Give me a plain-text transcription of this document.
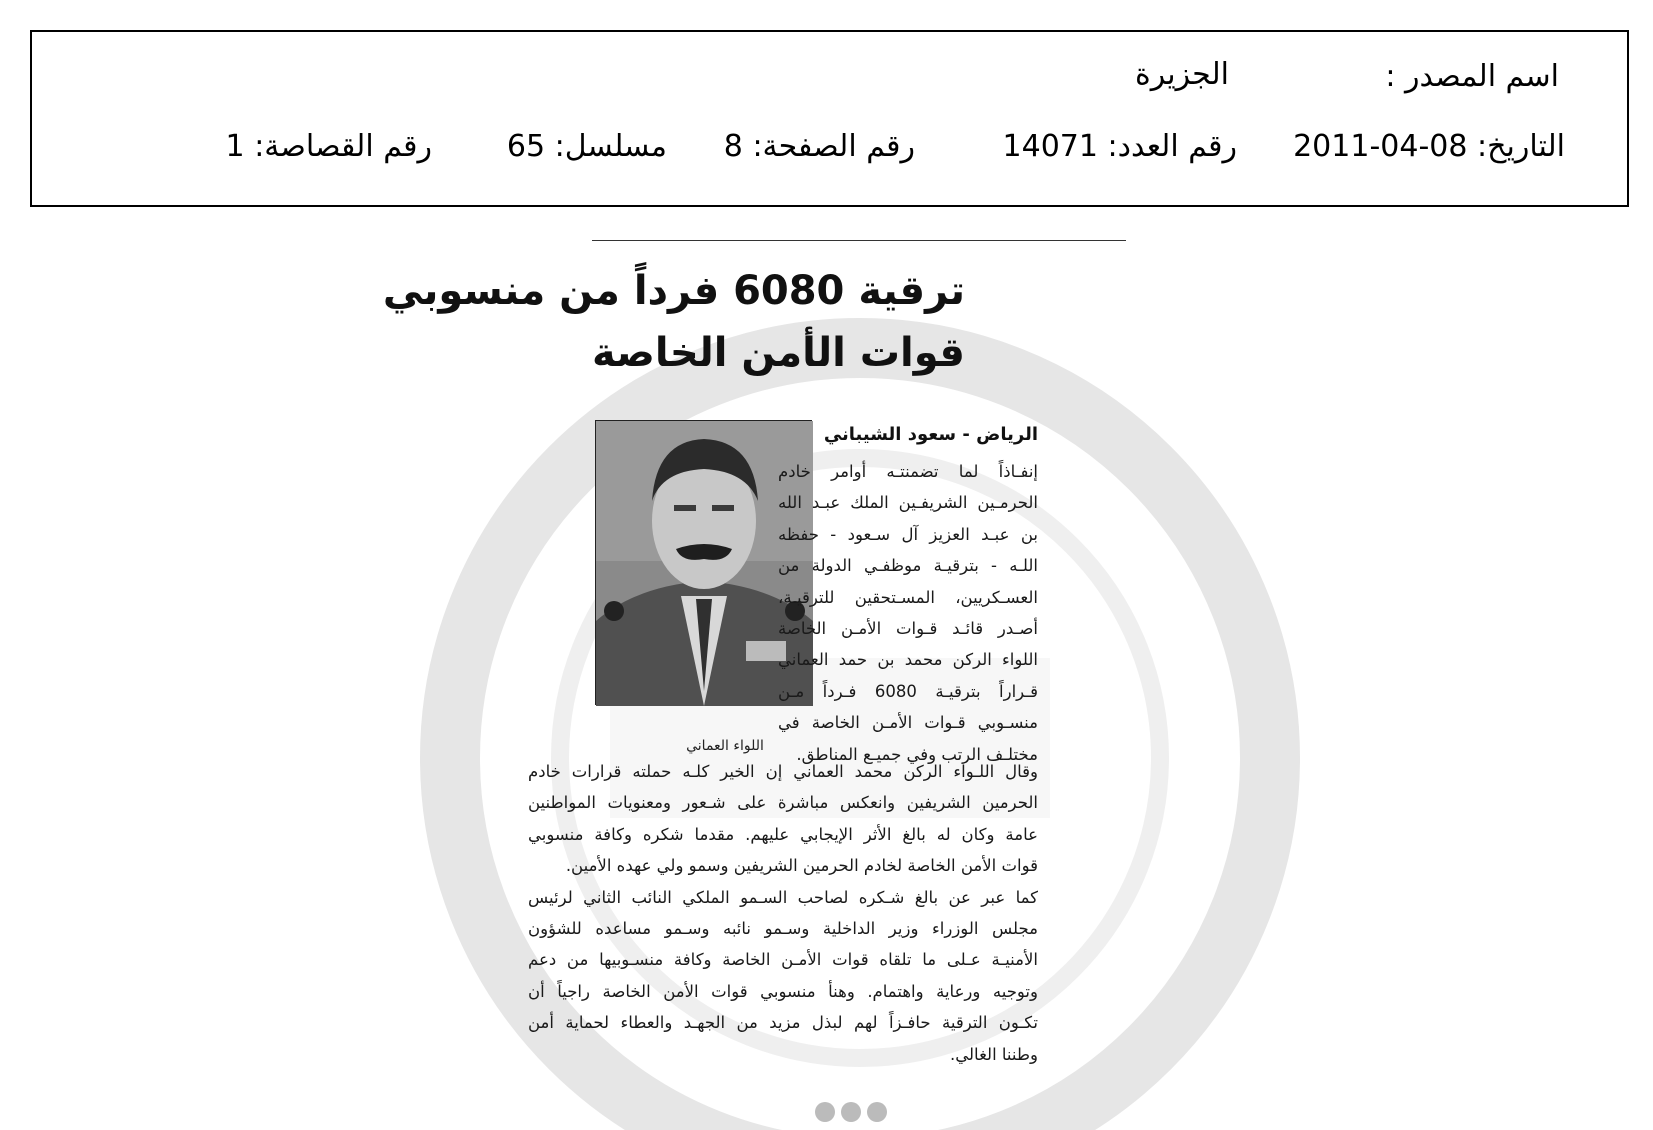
اسم المصدر :
الجزيرة
التاريخ: 08-04-2011
رقم العدد: 14071
رقم الصفحة: 8
مسلسل: 65
رقم القصاصة: 1
ترقية 6080 فرداً من منسوبي
قوات الأمن الخاصة
الرياض - سعود الشيباني
اللواء العماني
إنفـاذاً لما تضمنتـه أوامر خادم
الحرمـين الشريفـين الملك عبـد الله
بن عبـد العزيز آل سـعود - حفظه
اللـه - بترقيـة موظفـي الدولة من
العسـكريين، المسـتحقين للترقيـة،
أصـدر قائـد قـوات الأمـن الخاصة
اللواء الركن محمد بن حمد العماني
قـراراً بترقيـة 6080 فـرداً مـن
منسـوبي قـوات الأمـن الخاصة في
مختلـف الرتب وفي جميـع المناطق.
وقال اللـواء الركن محمد العماني إن الخير كلـه حملته قرارات خادم
الحرمين الشريفين وانعكس مباشرة على شـعور ومعنويات المواطنين
عامة وكان له بالغ الأثر الإيجابي عليهم. مقدما شكره وكافة منسوبي
قوات الأمن الخاصة لخادم الحرمين الشريفين وسمو ولي عهده الأمين.
كما عبر عن بالغ شـكره لصاحب السـمو الملكي النائب الثاني لرئيس
مجلس الوزراء وزير الداخلية وسـمو نائبه وسـمو مساعده للشؤون
الأمنيـة عـلى ما تلقاه قوات الأمـن الخاصة وكافة منسـوبيها من دعم
وتوجيه ورعاية واهتمام. وهنأ منسوبي قوات الأمن الخاصة راجياً أن
تكـون الترقية حافـزاً لهم لبذل مزيد من الجهـد والعطاء لحماية أمن
وطننا الغالي.
